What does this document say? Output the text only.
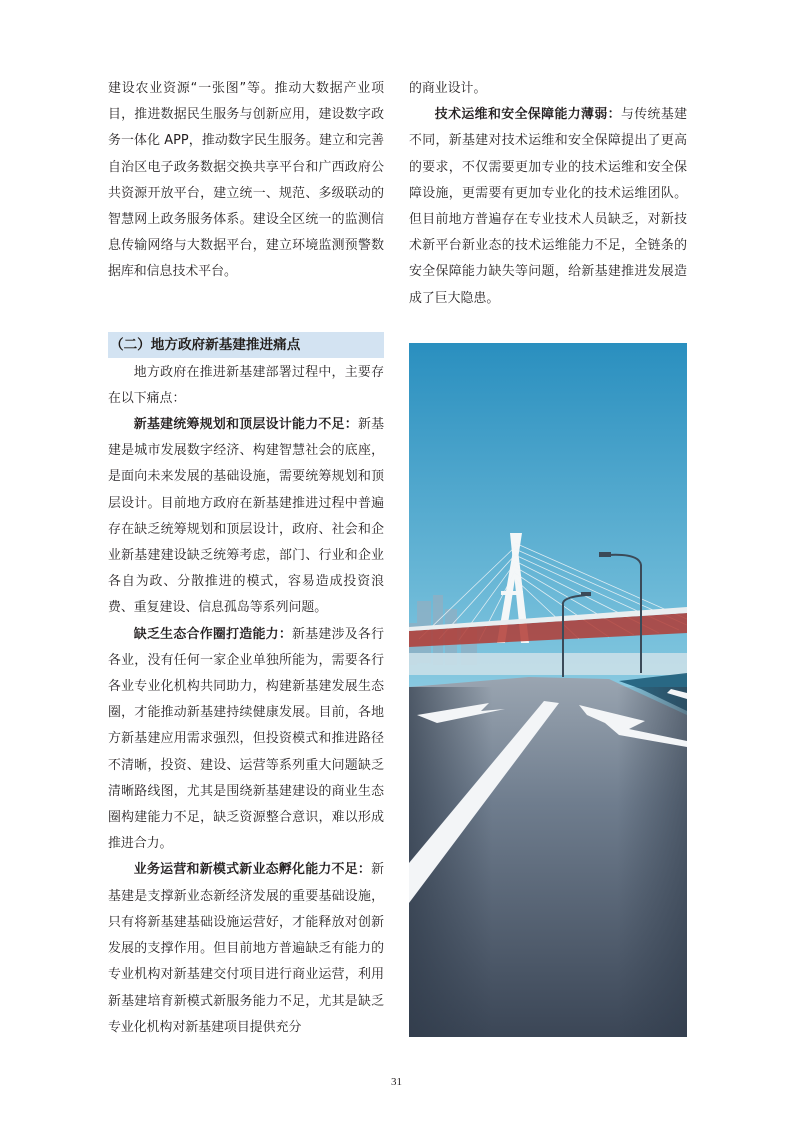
建设农业资源“一张图”等。推动大数据产业项目，推进数据民生服务与创新应用，建设数字政务一体化 APP，推动数字民生服务。建立和完善自治区电子政务数据交换共享平台和广西政府公共资源开放平台，建立统一、规范、多级联动的智慧网上政务服务体系。建设全区统一的监测信息传输网络与大数据平台，建立环境监测预警数据库和信息技术平台。

（二）地方政府新基建推进痛点

地方政府在推进新基建部署过程中，主要存在以下痛点：

新基建统筹规划和顶层设计能力不足：新基建是城市发展数字经济、构建智慧社会的底座，是面向未来发展的基础设施，需要统筹规划和顶层设计。目前地方政府在新基建推进过程中普遍存在缺乏统筹规划和顶层设计，政府、社会和企业新基建建设缺乏统筹考虑，部门、行业和企业各自为政、分散推进的模式，容易造成投资浪费、重复建设、信息孤岛等系列问题。

缺乏生态合作圈打造能力：新基建涉及各行各业，没有任何一家企业单独所能为，需要各行各业专业化机构共同助力，构建新基建发展生态圈，才能推动新基建持续健康发展。目前，各地方新基建应用需求强烈，但投资模式和推进路径不清晰，投资、建设、运营等系列重大问题缺乏清晰路线图，尤其是围绕新基建建设的商业生态圈构建能力不足，缺乏资源整合意识，难以形成推进合力。

业务运营和新模式新业态孵化能力不足：新基建是支撑新业态新经济发展的重要基础设施，只有将新基建基础设施运营好，才能释放对创新发展的支撑作用。但目前地方普遍缺乏有能力的专业机构对新基建交付项目进行商业运营，利用新基建培育新模式新服务能力不足，尤其是缺乏专业化机构对新基建项目提供充分

的商业设计。

技术运维和安全保障能力薄弱：与传统基建不同，新基建对技术运维和安全保障提出了更高的要求，不仅需要更加专业的技术运维和安全保障设施，更需要有更加专业化的技术运维团队。但目前地方普遍存在专业技术人员缺乏，对新技术新平台新业态的技术运维能力不足，全链条的安全保障能力缺失等问题，给新基建推进发展造成了巨大隐患。

31
